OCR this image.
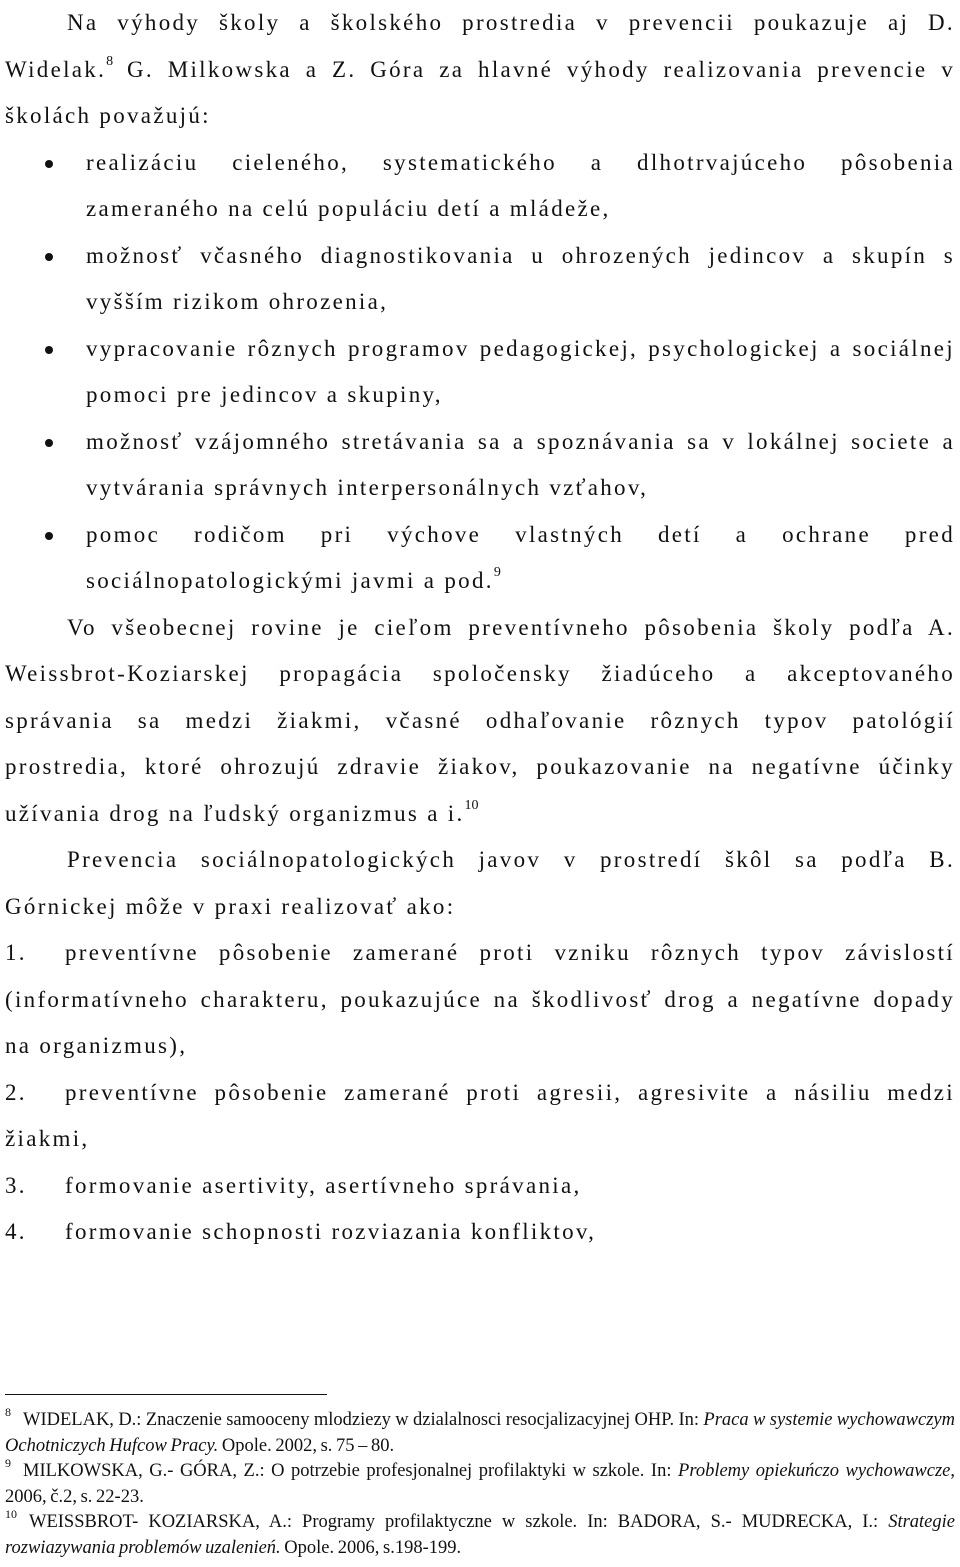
Na výhody školy a školského prostredia v prevencii poukazuje aj D. Widelak.$^8$ G. Milkowska a Z. Góra za hlavné výhody realizovania prevencie v školách považujú:

realizáciu cieleného, systematického a dlhotrvajúceho pôsobenia zameraného na celú populáciu detí a mládeže,
možnosť včasného diagnostikovania u ohrozených jedincov a skupín s vyšším rizikom ohrozenia,
vypracovanie rôznych programov pedagogickej, psychologickej a sociálnej pomoci pre jedincov a skupiny,
možnosť vzájomného stretávania sa a spoznávania sa v lokálnej societe a vytvárania správnych interpersonálnych vzťahov,
pomoc rodičom pri výchove vlastných detí a ochrane pred sociálnopatologickými javmi a pod.$^9$

Vo všeobecnej rovine je cieľom preventívneho pôsobenia školy podľa A. Weissbrot-Koziarskej propagácia spoločensky žiadúceho a akceptovaného správania sa medzi žiakmi, včasné odhaľovanie rôznych typov patológií prostredia, ktoré ohrozujú zdravie žiakov, poukazovanie na negatívne účinky užívania drog na ľudský organizmus a i.$^{10}$

Prevencia sociálnopatologických javov v prostredí škôl sa podľa B. Górnickej môže v praxi realizovať ako:

1. preventívne pôsobenie zamerané proti vzniku rôznych typov závislostí (informatívneho charakteru, poukazujúce na škodlivosť drog a negatívne dopady na organizmus),

2. preventívne pôsobenie zamerané proti agresii, agresivite a násiliu medzi žiakmi,

3. formovanie asertivity, asertívneho správania,

4. formovanie schopnosti rozviazania konfliktov,

$^8$ WIDELAK, D.: Znaczenie samooceny mlodziezy w dzialalnosci resocjalizacyjnej OHP. In: Praca w systemie wychowawczym Ochotniczych Hufcow Pracy. Opole. 2002, s. 75 – 80.

$^9$ MILKOWSKA, G.- GÓRA, Z.: O potrzebie profesjonalnej profilaktyki w szkole. In: Problemy opiekuńczo wychowawcze, 2006, č.2, s. 22-23.

$^{10}$ WEISSBROT- KOZIARSKA, A.: Programy profilaktyczne w szkole. In: BADORA, S.- MUDRECKA, I.: Strategie rozwiazywania problemów uzalenień. Opole. 2006, s.198-199.
